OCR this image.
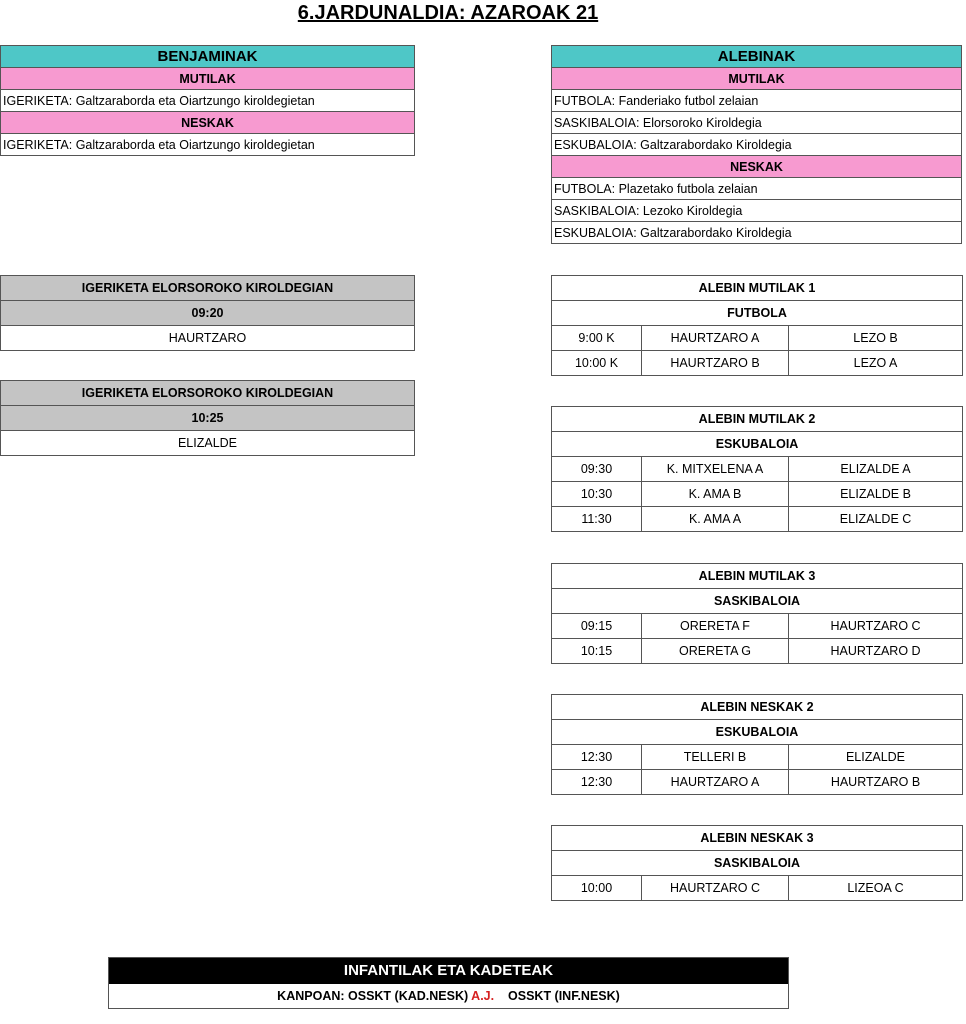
6.JARDUNALDIA: AZAROAK 21
BENJAMINAK
MUTILAK
IGERIKETA: Galtzaraborda eta Oiartzungo kiroldegietan
NESKAK
IGERIKETA: Galtzaraborda eta Oiartzungo kiroldegietan
ALEBINAK
MUTILAK
FUTBOLA: Fanderiako futbol zelaian
SASKIBALOIA: Elorsoroko Kiroldegia
ESKUBALOIA: Galtzarabordako Kiroldegia
NESKAK
FUTBOLA: Plazetako futbola zelaian
SASKIBALOIA: Lezoko Kiroldegia
ESKUBALOIA: Galtzarabordako Kiroldegia
IGERIKETA ELORSOROKO KIROLDEGIAN
09:20
HAURTZARO
IGERIKETA ELORSOROKO KIROLDEGIAN
10:25
ELIZALDE
ALEBIN MUTILAK 1		
FUTBOLA		
9:00 K	HAURTZARO A	LEZO B
10:00 K	HAURTZARO B	LEZO A
ALEBIN MUTILAK 2		
ESKUBALOIA		
09:30	K. MITXELENA A	ELIZALDE A
10:30	K. AMA B	ELIZALDE B
11:30	K. AMA A	ELIZALDE C
ALEBIN MUTILAK 3		
SASKIBALOIA		
09:15	ORERETA F	HAURTZARO C
10:15	ORERETA G	HAURTZARO D
ALEBIN NESKAK 2		
ESKUBALOIA		
12:30	TELLERI B	ELIZALDE
12:30	HAURTZARO A	HAURTZARO B
ALEBIN NESKAK 3
SASKIBALOIA
10:00	HAURTZARO C	LIZEOA C
INFANTILAK ETA KADETEAK
KANPOAN: OSSKT (KAD.NESK) A.J. OSSKT (INF.NESK)
